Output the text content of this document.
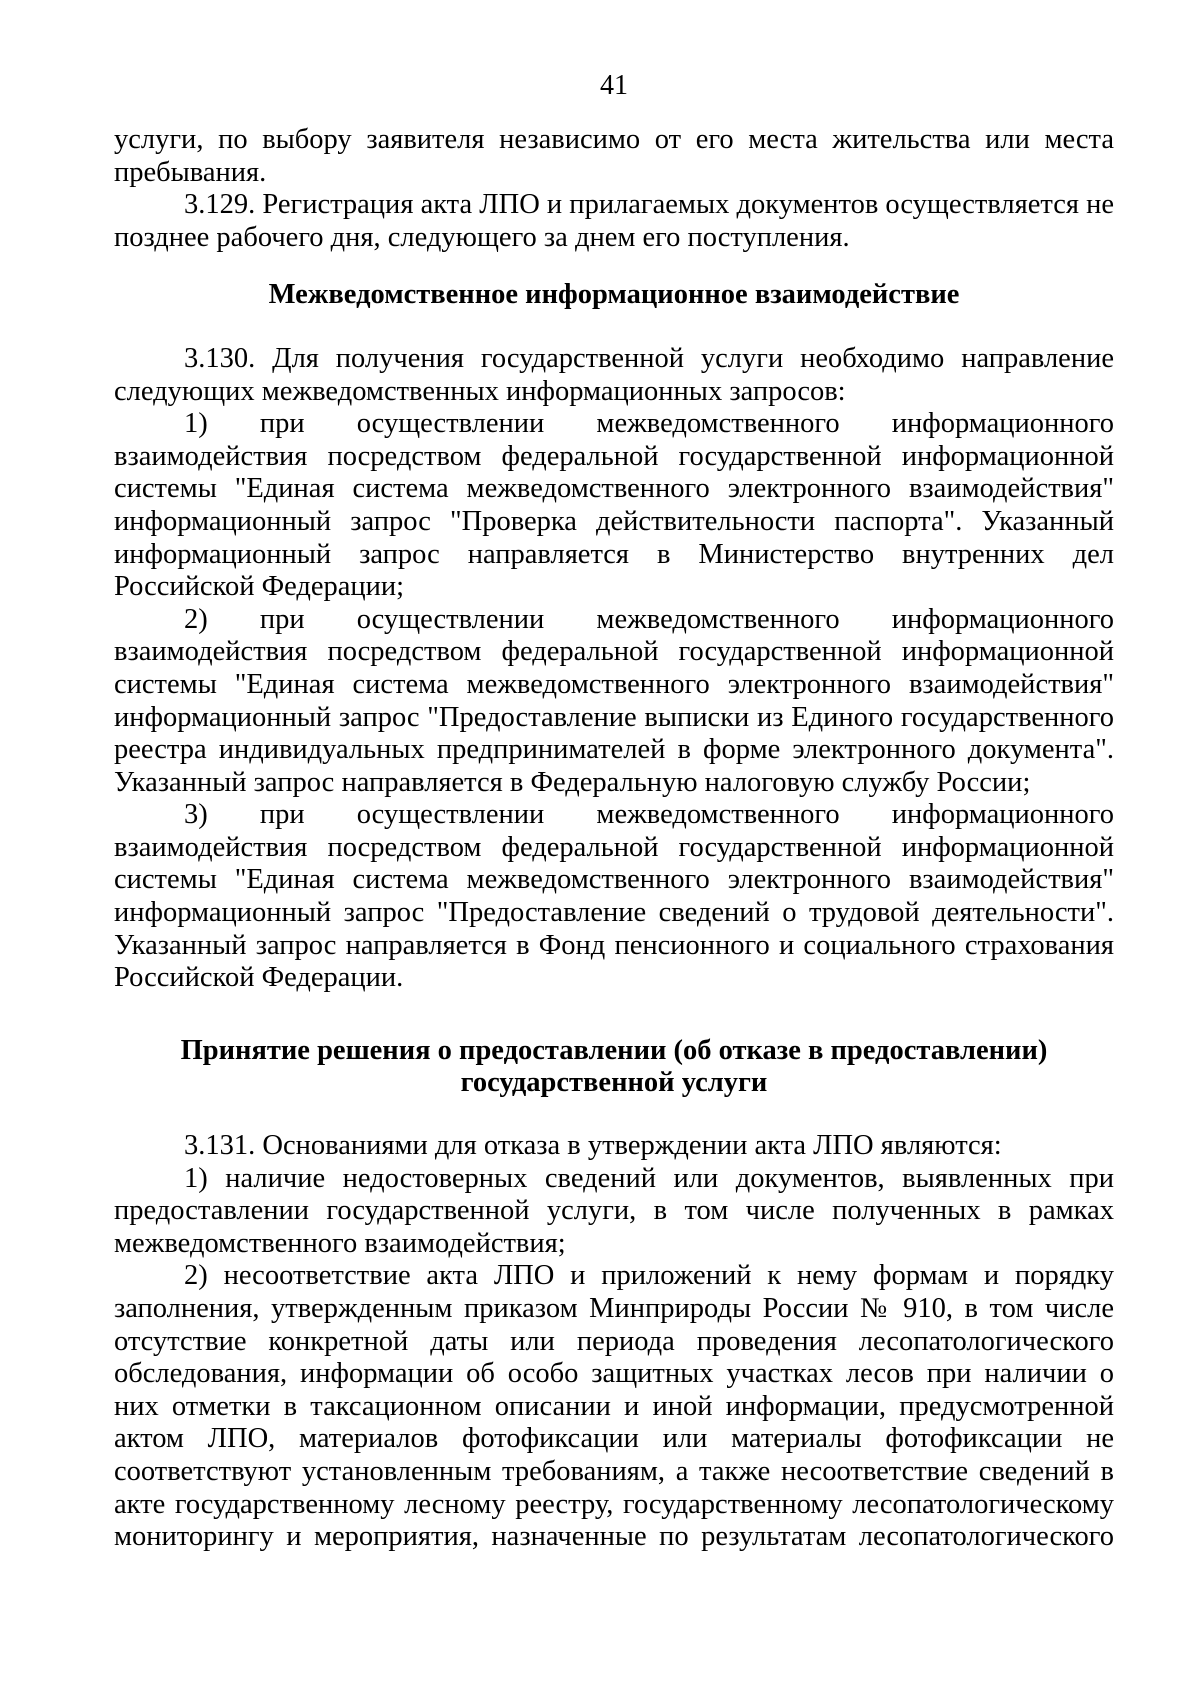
41

услуги, по выбору заявителя независимо от его места жительства или места пребывания.

3.129. Регистрация акта ЛПО и прилагаемых документов осуществляется не позднее рабочего дня, следующего за днем его поступления.

Межведомственное информационное взаимодействие

3.130. Для получения государственной услуги необходимо направление следующих межведомственных информационных запросов:

1) при осуществлении межведомственного информационного взаимодействия посредством федеральной государственной информационной системы "Единая система межведомственного электронного взаимодействия" информационный запрос "Проверка действительности паспорта". Указанный информационный запрос направляется в Министерство внутренних дел Российской Федерации;

2) при осуществлении межведомственного информационного взаимодействия посредством федеральной государственной информационной системы "Единая система межведомственного электронного взаимодействия" информационный запрос "Предоставление выписки из Единого государственного реестра индивидуальных предпринимателей в форме электронного документа". Указанный запрос направляется в Федеральную налоговую службу России;

3) при осуществлении межведомственного информационного взаимодействия посредством федеральной государственной информационной системы "Единая система межведомственного электронного взаимодействия" информационный запрос "Предоставление сведений о трудовой деятельности". Указанный запрос направляется в Фонд пенсионного и социального страхования Российской Федерации.

Принятие решения о предоставлении (об отказе в предоставлении)
государственной услуги

3.131. Основаниями для отказа в утверждении акта ЛПО являются:

1) наличие недостоверных сведений или документов, выявленных при предоставлении государственной услуги, в том числе полученных в рамках межведомственного взаимодействия;

2) несоответствие акта ЛПО и приложений к нему формам и порядку заполнения, утвержденным приказом Минприроды России № 910, в том числе отсутствие конкретной даты или периода проведения лесопатологического обследования, информации об особо защитных участках лесов при наличии о них отметки в таксационном описании и иной информации, предусмотренной актом ЛПО, материалов фотофиксации или материалы фотофиксации не соответствуют установленным требованиям, а также несоответствие сведений в акте государственному лесному реестру, государственному лесопатологическому мониторингу и мероприятия, назначенные по результатам лесопатологического
